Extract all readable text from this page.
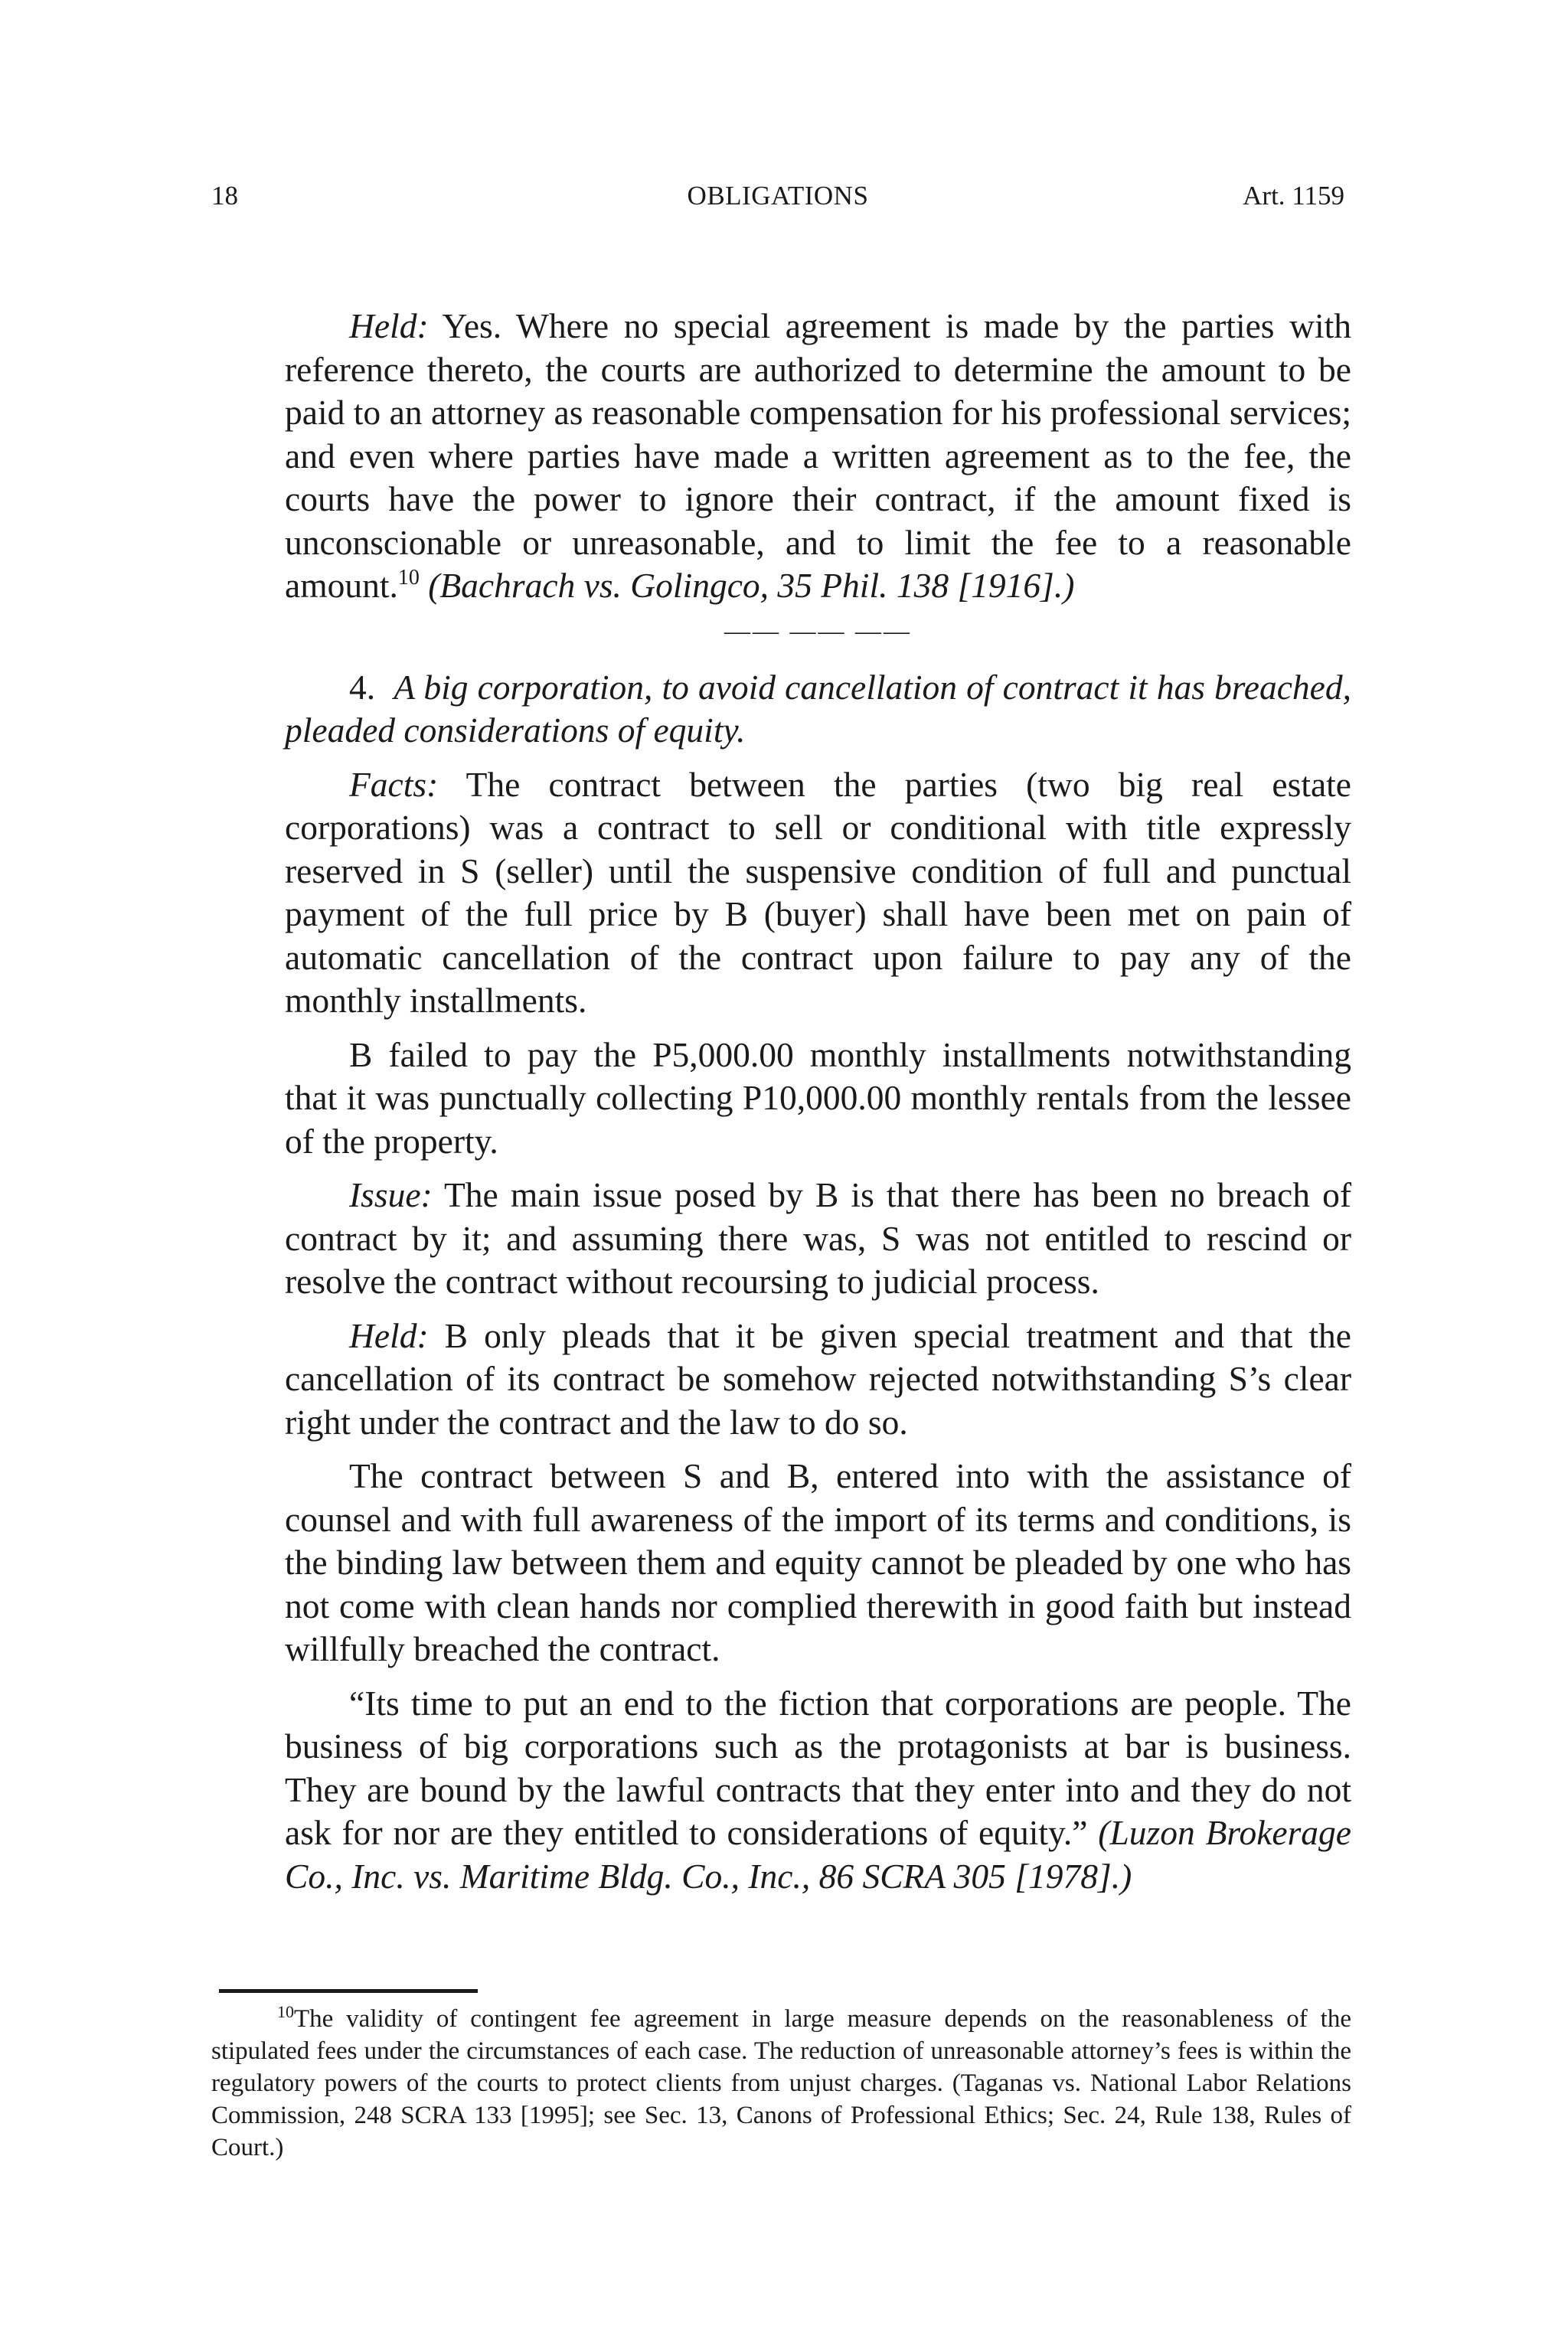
OBLIGATIONS
18	Art. 1159

Held: Yes. Where no special agreement is made by the parties with reference thereto, the courts are authorized to determine the amount to be paid to an attorney as reasonable compensation for his professional services; and even where parties have made a written agreement as to the fee, the courts have the power to ignore their contract, if the amount fixed is unconscionable or unreasonable, and to limit the fee to a reasonable amount.$^{10}$ (Bachrach vs. Golingco, 35 Phil. 138 [1916].)

—— —— ——

4. A big corporation, to avoid cancellation of contract it has breached, pleaded considerations of equity.

Facts: The contract between the parties (two big real estate corporations) was a contract to sell or conditional with title expressly reserved in S (seller) until the suspensive condition of full and punctual payment of the full price by B (buyer) shall have been met on pain of automatic cancellation of the contract upon failure to pay any of the monthly installments.

B failed to pay the P5,000.00 monthly installments notwithstanding that it was punctually collecting P10,000.00 monthly rentals from the lessee of the property.

Issue: The main issue posed by B is that there has been no breach of contract by it; and assuming there was, S was not entitled to rescind or resolve the contract without recoursing to judicial process.

Held: B only pleads that it be given special treatment and that the cancellation of its contract be somehow rejected notwithstanding S’s clear right under the contract and the law to do so.

The contract between S and B, entered into with the assistance of counsel and with full awareness of the import of its terms and conditions, is the binding law between them and equity cannot be pleaded by one who has not come with clean hands nor complied therewith in good faith but instead willfully breached the contract.

“Its time to put an end to the fiction that corporations are people. The business of big corporations such as the protagonists at bar is business. They are bound by the lawful contracts that they enter into and they do not ask for nor are they entitled to considerations of equity.” (Luzon Brokerage Co., Inc. vs. Maritime Bldg. Co., Inc., 86 SCRA 305 [1978].)

$^{10}$The validity of contingent fee agreement in large measure depends on the reasonableness of the stipulated fees under the circumstances of each case. The reduction of unreasonable attorney’s fees is within the regulatory powers of the courts to protect clients from unjust charges. (Taganas vs. National Labor Relations Commission, 248 SCRA 133 [1995]; see Sec. 13, Canons of Professional Ethics; Sec. 24, Rule 138, Rules of Court.)
